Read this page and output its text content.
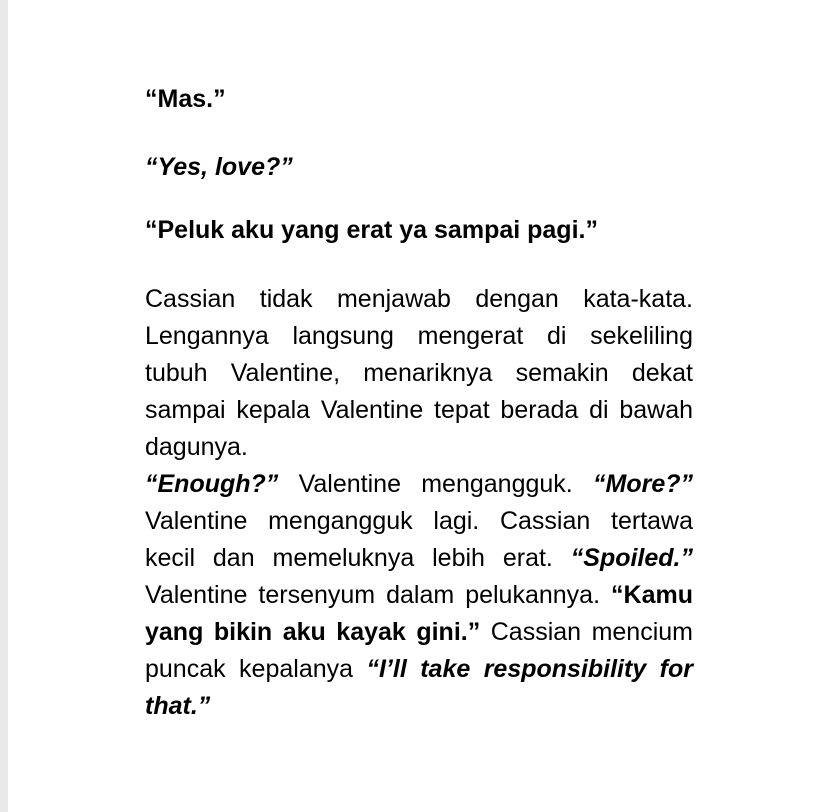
“Mas.”

“Yes, love?”

“Peluk aku yang erat ya sampai pagi.”

Cassian tidak menjawab dengan kata-kata. Lengannya langsung mengerat di sekeliling tubuh Valentine, menariknya semakin dekat sampai kepala Valentine tepat berada di bawah dagunya.

“Enough?” Valentine mengangguk. “More?” Valentine mengangguk lagi. Cassian tertawa kecil dan memeluknya lebih erat. “Spoiled.” Valentine tersenyum dalam pelukannya. “Kamu yang bikin aku kayak gini.” Cassian mencium puncak kepalanya “I’ll take responsibility for that.”
